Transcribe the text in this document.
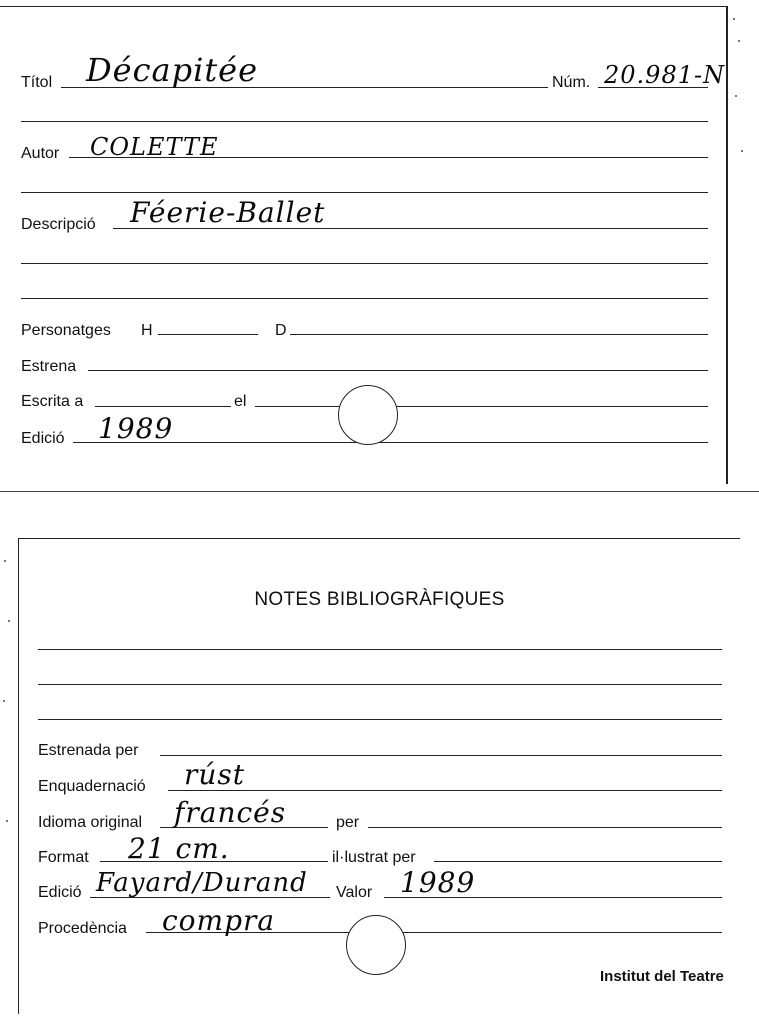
Títol Décapitée	Núm. 20.981-N
Autor COLETTE
Descripció Féerie-Ballet
Personatges H	D
Estrena
Escrita a	el
Edició 1989
NOTES BIBLIOGRÀFIQUES
Estrenada per
Enquadernació rúst
Idioma original francés	per
Format 21 cm.	il·lustrat per
Edició Fayard/Durand Valor 1989
Procedència compra
Institut del Teatre
